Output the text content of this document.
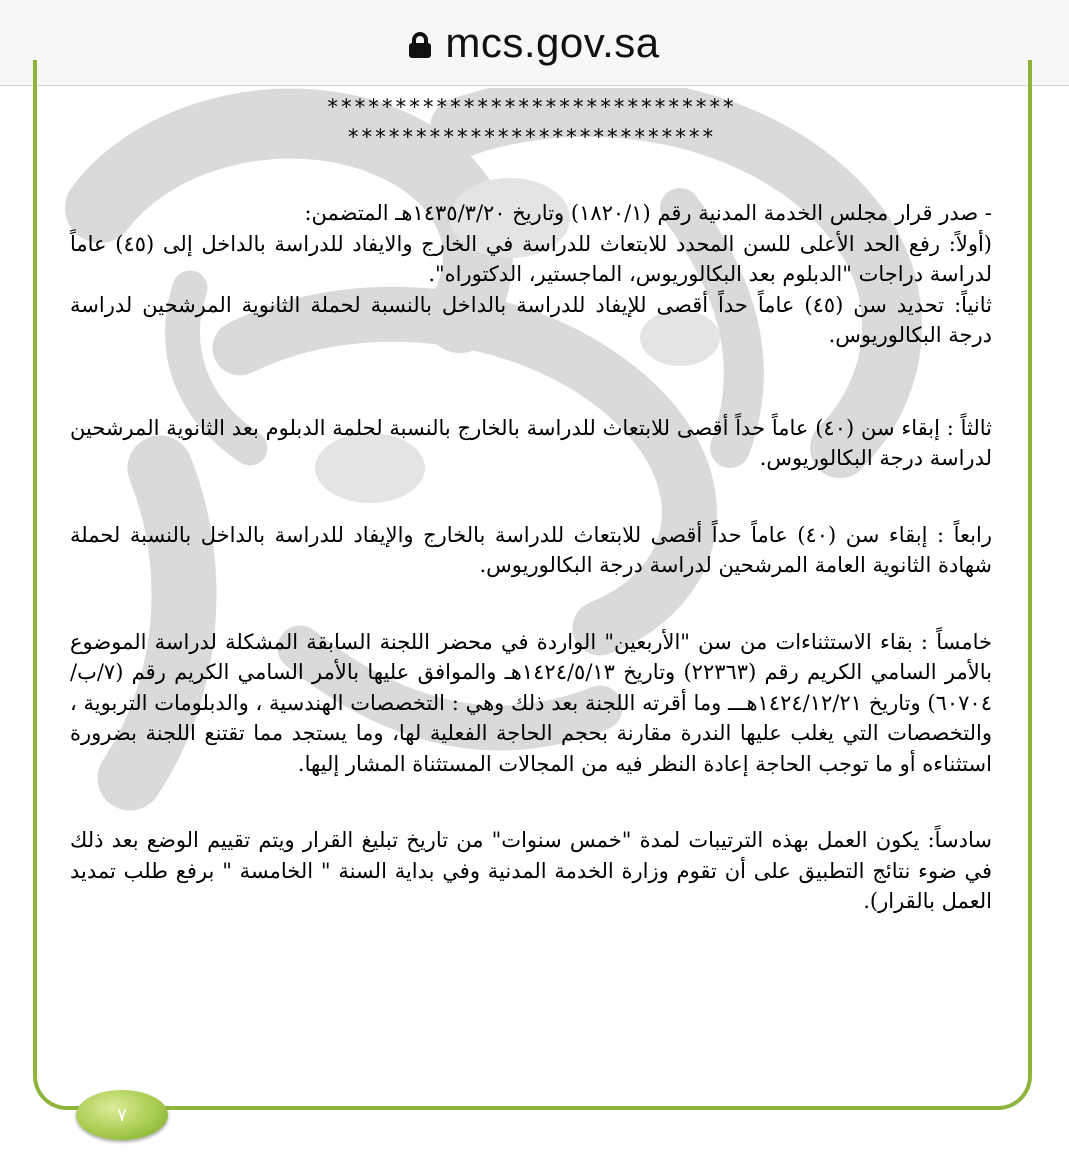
mcs.gov.sa
******************************
***************************
- صدر قرار مجلس الخدمة المدنية رقم (١٨٢٠/١) وتاريخ ١٤٣٥/٣/٢٠هـ المتضمن:
(أولاً: رفع الحد الأعلى للسن المحدد للابتعاث للدراسة في الخارج والايفاد للدراسة بالداخل إلى (٤٥) عاماً لدراسة دراجات "الدبلوم بعد البكالوريوس، الماجستير، الدكتوراه".
ثانياً: تحديد سن (٤٥) عاماً حداً أقصى للإيفاد للدراسة بالداخل بالنسبة لحملة الثانوية المرشحين لدراسة درجة البكالوريوس.
ثالثاً : إبقاء سن (٤٠) عاماً حداً أقصى للابتعاث للدراسة بالخارج بالنسبة لحلمة الدبلوم بعد الثانوية المرشحين لدراسة درجة البكالوريوس.
رابعاً : إبقاء سن (٤٠) عاماً حداً أقصى للابتعاث للدراسة بالخارج والإيفاد للدراسة بالداخل بالنسبة لحملة شهادة الثانوية العامة المرشحين لدراسة درجة البكالوريوس.
خامساً : بقاء الاستثناءات من سن "الأربعين" الواردة في محضر اللجنة السابقة المشكلة لدراسة الموضوع بالأمر السامي الكريم رقم (٢٢٣٦٣) وتاريخ ١٤٢٤/٥/١٣هـ والموافق عليها بالأمر السامي الكريم رقم (٧/ب/٦٠٧٠٤) وتاريخ ١٤٢٤/١٢/٢١هـــ وما أقرته اللجنة بعد ذلك وهي : التخصصات الهندسية ، والدبلومات التربوية ، والتخصصات التي يغلب عليها الندرة مقارنة بحجم الحاجة الفعلية لها، وما يستجد مما تقتنع اللجنة بضرورة استثناءه أو ما توجب الحاجة إعادة النظر فيه من المجالات المستثناة المشار إليها.
سادساً: يكون العمل بهذه الترتيبات لمدة "خمس سنوات" من تاريخ تبليغ القرار ويتم تقييم الوضع بعد ذلك في ضوء نتائج التطبيق على أن تقوم وزارة الخدمة المدنية وفي بداية السنة " الخامسة " برفع طلب تمديد العمل بالقرار).
٧
